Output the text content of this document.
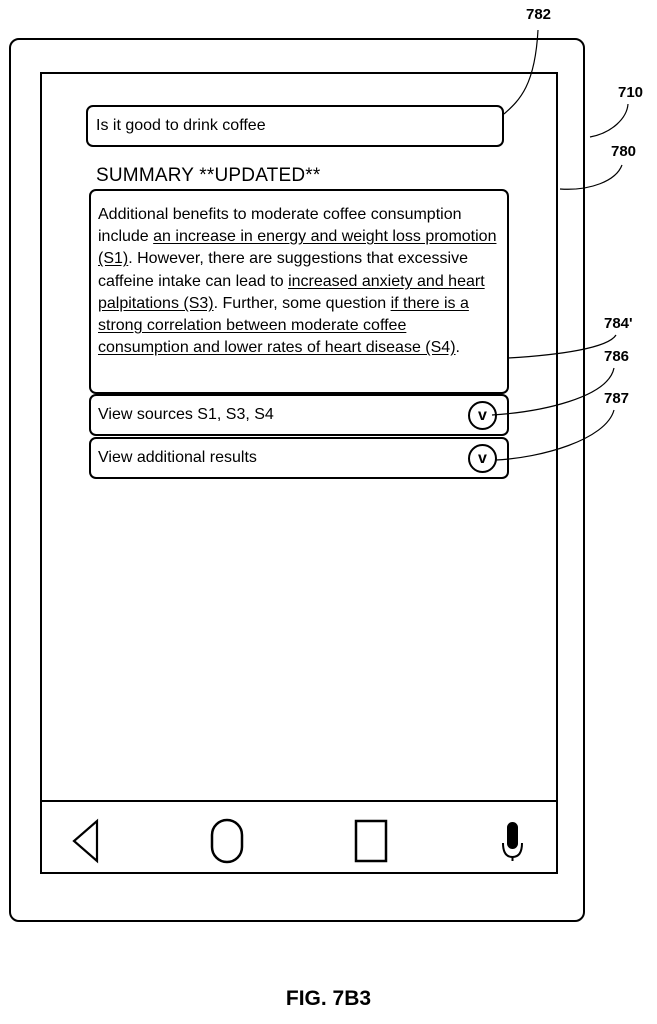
Is it good to drink coffee
SUMMARY **UPDATED**
Additional benefits to moderate coffee consumption include an increase in energy and weight loss promotion (S1). However, there are suggestions that excessive caffeine intake can lead to increased anxiety and heart palpitations (S3). Further, some question if there is a strong correlation between moderate coffee consumption and lower rates of heart disease (S4).
View sources S1, S3, S4	v
View additional results	v
782
710
780
784'
786
787
FIG. 7B3
